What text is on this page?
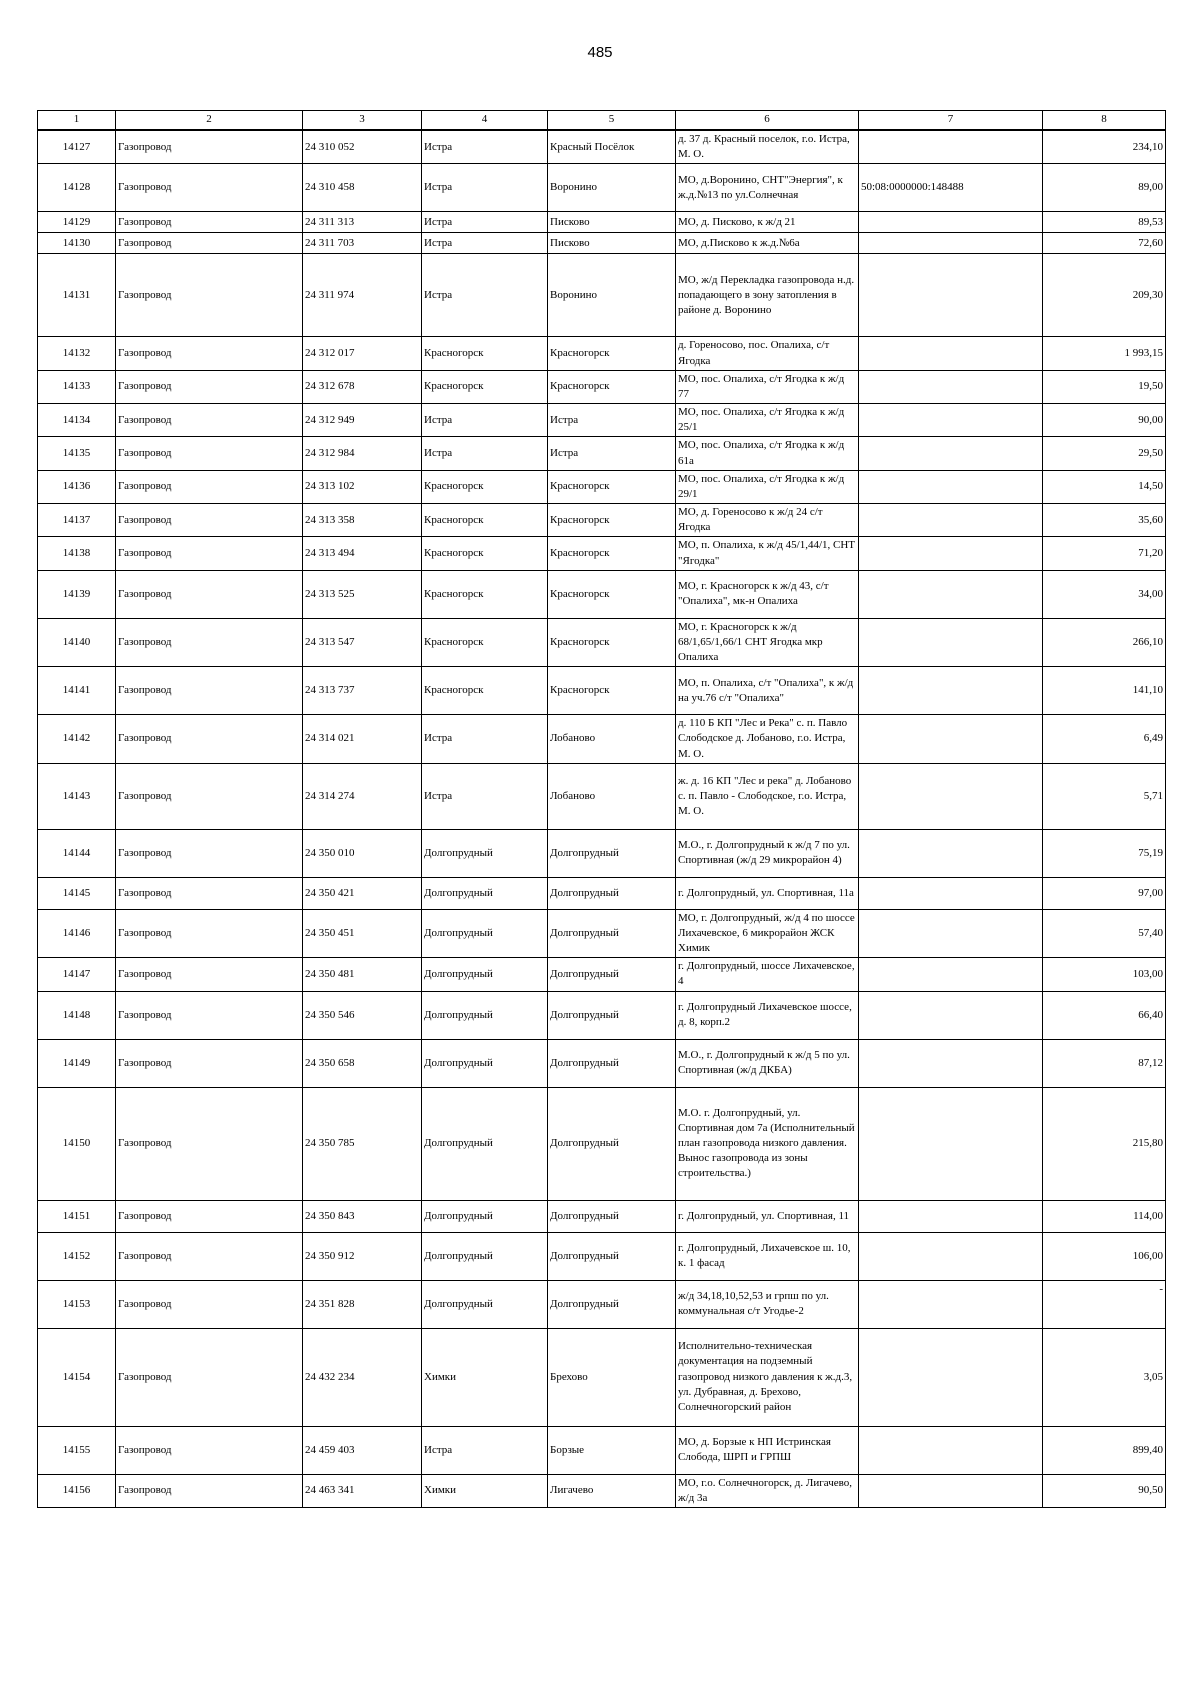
485
1	2	3	4	5	6	7	8
14127	Газопровод	24 310 052	Истра	Красный Посёлок	д. 37 д. Красный поселок, г.о. Истра, М. О.		234,10
14128	Газопровод	24 310 458	Истра	Воронино	МО, д.Воронино, СНТ"Энергия", к ж.д.№13 по ул.Солнечная	50:08:0000000:148488	89,00
14129	Газопровод	24 311 313	Истра	Писково	МО, д. Писково, к ж/д 21		89,53
14130	Газопровод	24 311 703	Истра	Писково	МО, д.Писково к ж.д.№6а		72,60
14131	Газопровод	24 311 974	Истра	Воронино	МО, ж/д Перекладка газопровода н.д. попадающего в зону затопления в районе д. Воронино		209,30
14132	Газопровод	24 312 017	Красногорск	Красногорск	д. Гореносово, пос. Опалиха, с/т Ягодка		1 993,15
14133	Газопровод	24 312 678	Красногорск	Красногорск	МО, пос. Опалиха, с/т Ягодка к ж/д 77		19,50
14134	Газопровод	24 312 949	Истра	Истра	МО, пос. Опалиха, с/т Ягодка к ж/д 25/1		90,00
14135	Газопровод	24 312 984	Истра	Истра	МО, пос. Опалиха, с/т Ягодка к ж/д 61а		29,50
14136	Газопровод	24 313 102	Красногорск	Красногорск	МО, пос. Опалиха, с/т Ягодка к ж/д 29/1		14,50
14137	Газопровод	24 313 358	Красногорск	Красногорск	МО, д. Гореносово к ж/д 24 с/т Ягодка		35,60
14138	Газопровод	24 313 494	Красногорск	Красногорск	МО, п. Опалиха, к ж/д 45/1,44/1, СНТ "Ягодка"		71,20
14139	Газопровод	24 313 525	Красногорск	Красногорск	МО, г. Красногорск к ж/д 43, с/т "Опалиха", мк-н Опалиха		34,00
14140	Газопровод	24 313 547	Красногорск	Красногорск	МО, г. Красногорск к ж/д 68/1,65/1,66/1 СНТ Ягодка мкр Опалиха		266,10
14141	Газопровод	24 313 737	Красногорск	Красногорск	МО, п. Опалиха, с/т "Опалиха", к ж/д на уч.76 с/т "Опалиха"		141,10
14142	Газопровод	24 314 021	Истра	Лобаново	д. 110 Б КП "Лес и Река" с. п. Павло Слободское д. Лобаново, г.о. Истра, М. О.		6,49
14143	Газопровод	24 314 274	Истра	Лобаново	ж. д. 16 КП "Лес и река" д. Лобаново с. п. Павло - Слободское, г.о. Истра, М. О.		5,71
14144	Газопровод	24 350 010	Долгопрудный	Долгопрудный	М.О., г. Долгопрудный к ж/д 7 по ул. Спортивная (ж/д 29 микрорайон 4)		75,19
14145	Газопровод	24 350 421	Долгопрудный	Долгопрудный	г. Долгопрудный, ул. Спортивная, 11а		97,00
14146	Газопровод	24 350 451	Долгопрудный	Долгопрудный	МО, г. Долгопрудный, ж/д 4 по шоссе Лихачевское, 6 микрорайон ЖСК Химик		57,40
14147	Газопровод	24 350 481	Долгопрудный	Долгопрудный	г. Долгопрудный, шоссе Лихачевское, 4		103,00
14148	Газопровод	24 350 546	Долгопрудный	Долгопрудный	г. Долгопрудный Лихачевское шоссе, д. 8, корп.2		66,40
14149	Газопровод	24 350 658	Долгопрудный	Долгопрудный	М.О., г. Долгопрудный к ж/д 5 по ул. Спортивная (ж/д ДКБА)		87,12
14150	Газопровод	24 350 785	Долгопрудный	Долгопрудный	М.О. г. Долгопрудный, ул. Спортивная дом 7а (Исполнительный план газопровода низкого давления. Вынос газопровода из зоны строительства.)		215,80
14151	Газопровод	24 350 843	Долгопрудный	Долгопрудный	г. Долгопрудный, ул. Спортивная, 11		114,00
14152	Газопровод	24 350 912	Долгопрудный	Долгопрудный	г. Долгопрудный, Лихачевское ш. 10, к. 1 фасад		106,00
14153	Газопровод	24 351 828	Долгопрудный	Долгопрудный	ж/д 34,18,10,52,53 и грпш по ул. коммунальная с/т Угодье-2		-
14154	Газопровод	24 432 234	Химки	Брехово	Исполнительно-техническая документация на подземный газопровод низкого давления к ж.д.3, ул. Дубравная, д. Брехово, Солнечногорский район		3,05
14155	Газопровод	24 459 403	Истра	Борзые	МО, д. Борзые к НП Истринская Слобода, ШРП и ГРПШ		899,40
14156	Газопровод	24 463 341	Химки	Лигачево	МО, г.о. Солнечногорск, д. Лигачево, ж/д 3а		90,50
